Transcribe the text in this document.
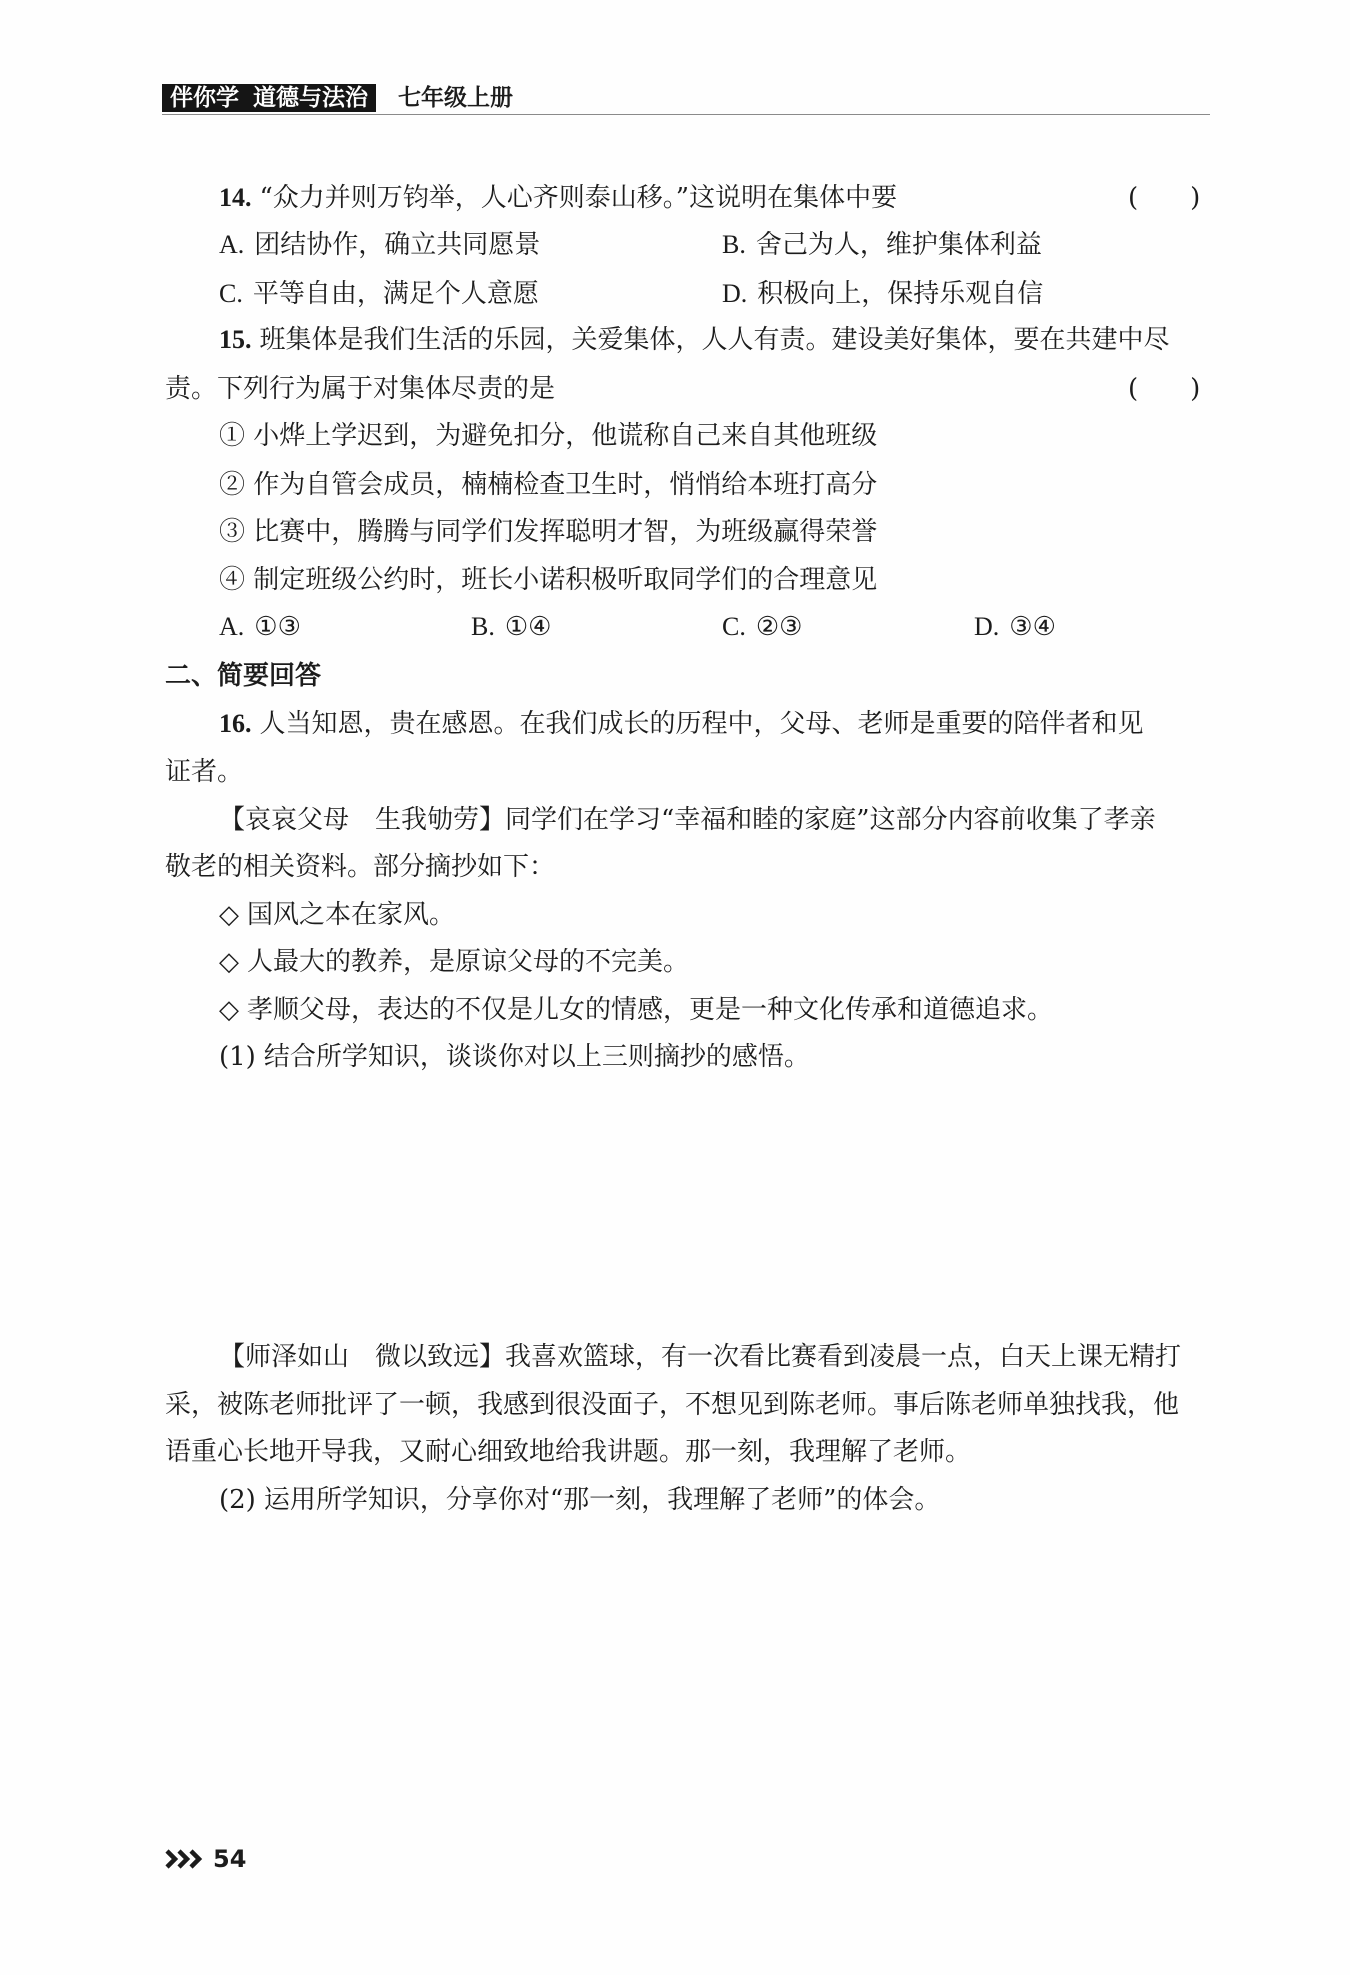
伴你学 道德与法治	七年级上册
14. “众力并则万钧举，人心齐则泰山移。”这说明在集体中要	(　　)
A. 团结协作，确立共同愿景	B. 舍己为人，维护集体利益
C. 平等自由，满足个人意愿	D. 积极向上，保持乐观自信
15. 班集体是我们生活的乐园，关爱集体，人人有责。建设美好集体，要在共建中尽
责。下列行为属于对集体尽责的是	(　　)
① 小烨上学迟到，为避免扣分，他谎称自己来自其他班级
② 作为自管会成员，楠楠检查卫生时，悄悄给本班打高分
③ 比赛中，腾腾与同学们发挥聪明才智，为班级赢得荣誉
④ 制定班级公约时，班长小诺积极听取同学们的合理意见
A. ①③	B. ①④	C. ②③	D. ③④
二、简要回答
16. 人当知恩，贵在感恩。在我们成长的历程中，父母、老师是重要的陪伴者和见
证者。
【哀哀父母　生我劬劳】同学们在学习“幸福和睦的家庭”这部分内容前收集了孝亲
敬老的相关资料。部分摘抄如下：
◇ 国风之本在家风。
◇ 人最大的教养，是原谅父母的不完美。
◇ 孝顺父母，表达的不仅是儿女的情感，更是一种文化传承和道德追求。
(1) 结合所学知识，谈谈你对以上三则摘抄的感悟。
【师泽如山　微以致远】我喜欢篮球，有一次看比赛看到凌晨一点，白天上课无精打
采，被陈老师批评了一顿，我感到很没面子，不想见到陈老师。事后陈老师单独找我，他
语重心长地开导我，又耐心细致地给我讲题。那一刻，我理解了老师。
(2) 运用所学知识，分享你对“那一刻，我理解了老师”的体会。
54
